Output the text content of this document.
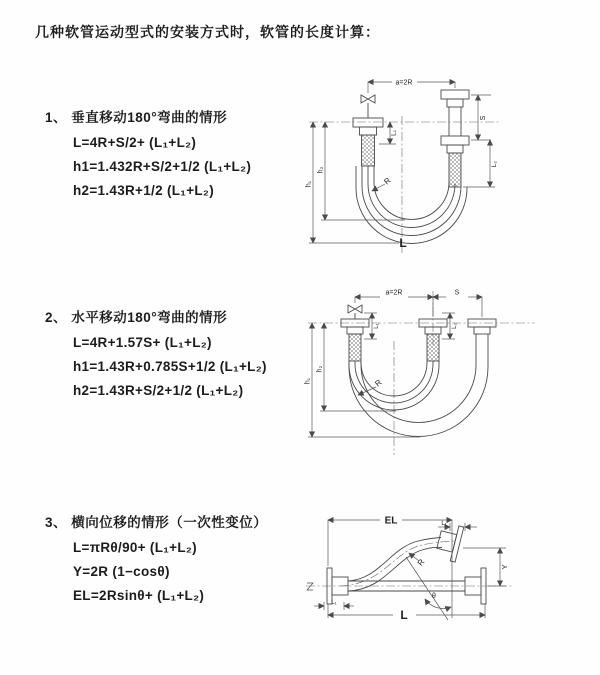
几种软管运动型式的安装方式时，软管的长度计算：
1、 垂直移动180°弯曲的情形
L=4R+S/2+ (L₁+L₂)
h1=1.432R+S/2+1/2 (L₁+L₂)
h2=1.43R+1/2 (L₁+L₂)
2、 水平移动180°弯曲的情形
L=4R+1.57S+ (L₁+L₂)
h1=1.43R+0.785S+1/2 (L₁+L₂)
h2=1.43R+S/2+1/2 (L₁+L₂)
3、 横向位移的情形（一次性变位）
L=πRθ/90+ (L₁+L₂)
Y=2R (1−cosθ)
EL=2Rsinθ+ (L₁+L₂)
a=2R
S
L₁
L₂
h₁
h₂
R
L
a=2R	S
h₁
h₂
L₁	L₂
R
EL	L₁
Y
R
θ
L
L₁
